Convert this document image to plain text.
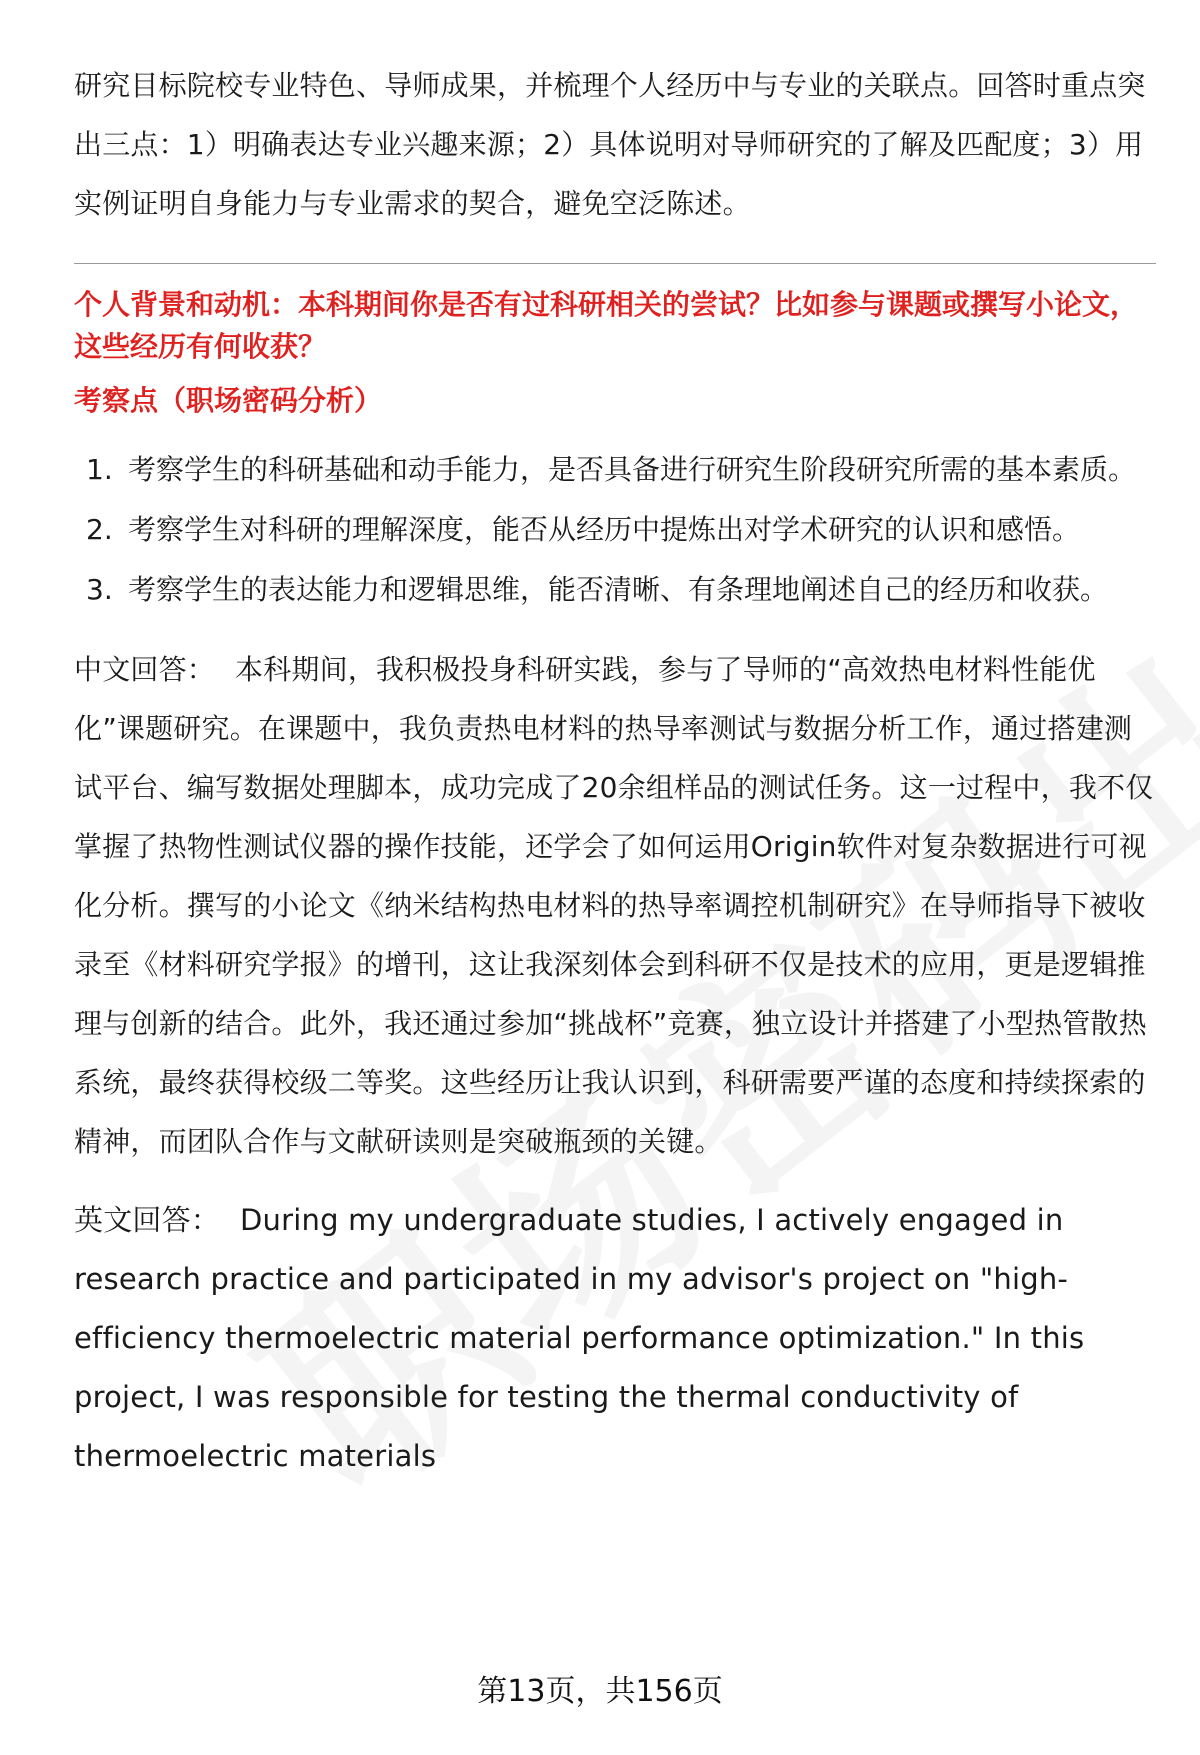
研究目标院校专业特色、导师成果，并梳理个人经历中与专业的关联点。回答时重点突出三点：1）明确表达专业兴趣来源；2）具体说明对导师研究的了解及匹配度；3）用实例证明自身能力与专业需求的契合，避免空泛陈述。

个人背景和动机：本科期间你是否有过科研相关的尝试？比如参与课题或撰写小论文，这些经历有何收获？

考察点（职场密码分析）

1. 考察学生的科研基础和动手能力，是否具备进行研究生阶段研究所需的基本素质。
2. 考察学生对科研的理解深度，能否从经历中提炼出对学术研究的认识和感悟。
3. 考察学生的表达能力和逻辑思维，能否清晰、有条理地阐述自己的经历和收获。

中文回答： 本科期间，我积极投身科研实践，参与了导师的“高效热电材料性能优化”课题研究。在课题中，我负责热电材料的热导率测试与数据分析工作，通过搭建测试平台、编写数据处理脚本，成功完成了20余组样品的测试任务。这一过程中，我不仅掌握了热物性测试仪器的操作技能，还学会了如何运用Origin软件对复杂数据进行可视化分析。撰写的小论文《纳米结构热电材料的热导率调控机制研究》在导师指导下被收录至《材料研究学报》的增刊，这让我深刻体会到科研不仅是技术的应用，更是逻辑推理与创新的结合。此外，我还通过参加“挑战杯”竞赛，独立设计并搭建了小型热管散热系统，最终获得校级二等奖。这些经历让我认识到，科研需要严谨的态度和持续探索的精神，而团队合作与文献研读则是突破瓶颈的关键。

英文回答： During my undergraduate studies, I actively engaged in research practice and participated in my advisor's project on "high-efficiency thermoelectric material performance optimization." In this project, I was responsible for testing the thermal conductivity of thermoelectric materials

第13页，共156页
